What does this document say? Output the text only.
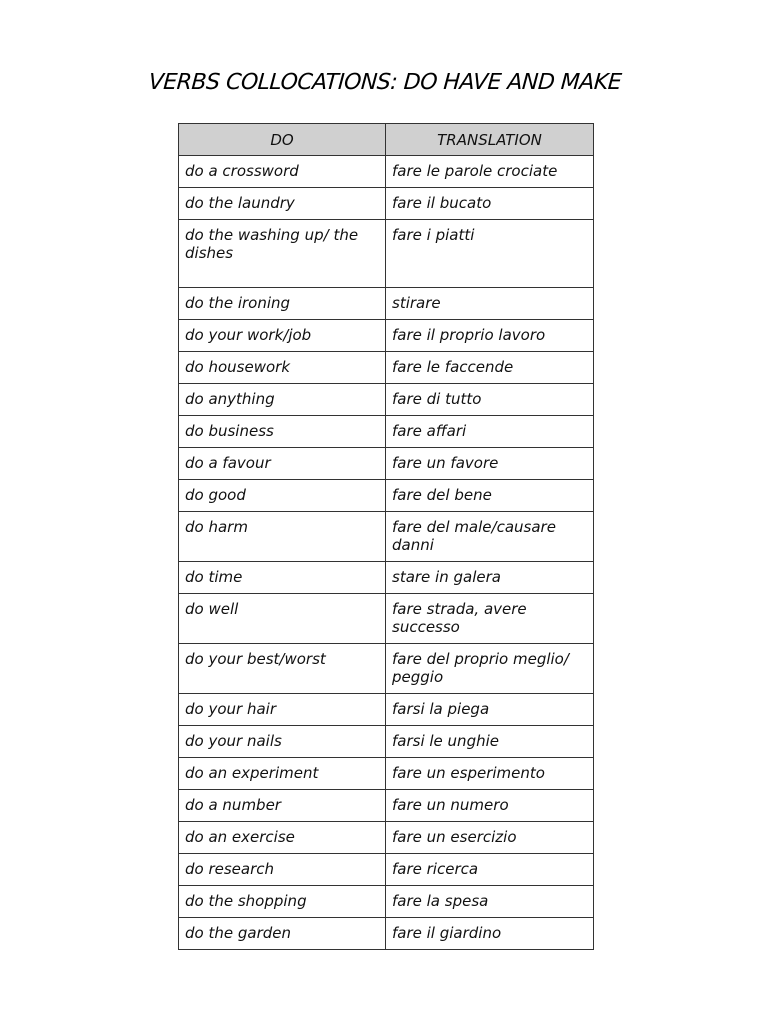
VERBS COLLOCATIONS: DO HAVE AND MAKE
DO	TRANSLATION
do a crossword	fare le parole crociate
do the laundry	fare il bucato
do the washing up/ the dishes	fare i piatti
do the ironing	stirare
do your work/job	fare il proprio lavoro
do housework	fare le faccende
do anything	fare di tutto
do business	fare affari
do a favour	fare un favore
do good	fare del bene
do harm	fare del male/causare danni
do time	stare in galera
do well	fare strada, avere successo
do your best/worst	fare del proprio meglio/ peggio
do your hair	farsi la piega
do your nails	farsi le unghie
do an experiment	fare un esperimento
do a number	fare un numero
do an exercise	fare un esercizio
do research	fare ricerca
do the shopping	fare la spesa
do the garden	fare il giardino
